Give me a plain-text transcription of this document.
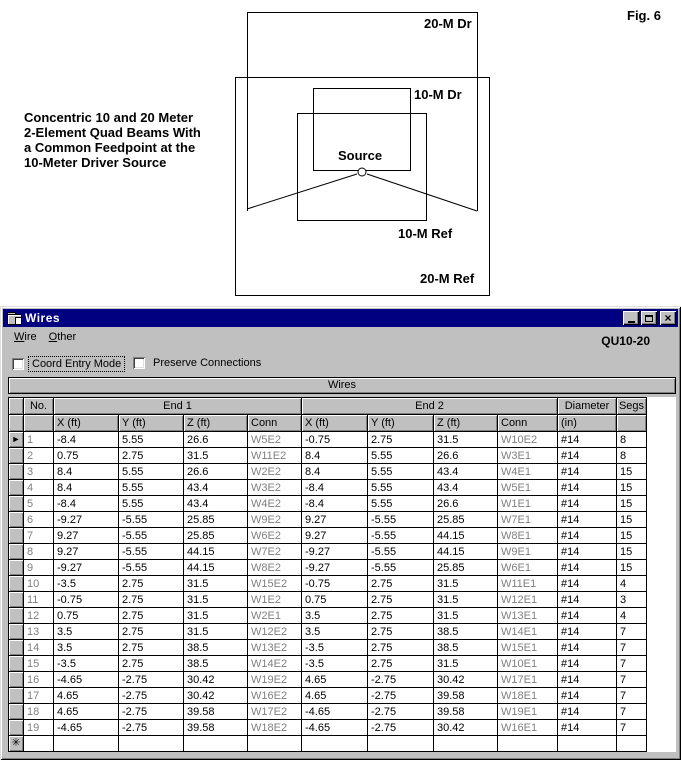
Fig. 6
Concentric 10 and 20 Meter
2-Element Quad Beams With
a Common Feedpoint at the
10-Meter Driver Source
20-M Dr
10-M Dr
Source
10-M Ref
20-M Ref
Wires	×
Wire	Other	QU10-20
Coord Entry Mode	Preserve Connections
Wires
	No.	End 1				End 2				Diameter	Segs
		X (ft)	Y (ft)	Z (ft)	Conn	X (ft)	Y (ft)	Z (ft)	Conn	(in)	
►	1	-8.4	5.55	26.6	W5E2	-0.75	2.75	31.5	W10E2	#14	8
	2	0.75	2.75	31.5	W11E2	8.4	5.55	26.6	W3E1	#14	8
	3	8.4	5.55	26.6	W2E2	8.4	5.55	43.4	W4E1	#14	15
	4	8.4	5.55	43.4	W3E2	-8.4	5.55	43.4	W5E1	#14	15
	5	-8.4	5.55	43.4	W4E2	-8.4	5.55	26.6	W1E1	#14	15
	6	-9.27	-5.55	25.85	W9E2	9.27	-5.55	25.85	W7E1	#14	15
	7	9.27	-5.55	25.85	W6E2	9.27	-5.55	44.15	W8E1	#14	15
	8	9.27	-5.55	44.15	W7E2	-9.27	-5.55	44.15	W9E1	#14	15
	9	-9.27	-5.55	44.15	W8E2	-9.27	-5.55	25.85	W6E1	#14	15
	10	-3.5	2.75	31.5	W15E2	-0.75	2.75	31.5	W11E1	#14	4
	11	-0.75	2.75	31.5	W1E2	0.75	2.75	31.5	W12E1	#14	3
	12	0.75	2.75	31.5	W2E1	3.5	2.75	31.5	W13E1	#14	4
	13	3.5	2.75	31.5	W12E2	3.5	2.75	38.5	W14E1	#14	7
	14	3.5	2.75	38.5	W13E2	-3.5	2.75	38.5	W15E1	#14	7
	15	-3.5	2.75	38.5	W14E2	-3.5	2.75	31.5	W10E1	#14	7
	16	-4.65	-2.75	30.42	W19E2	4.65	-2.75	30.42	W17E1	#14	7
	17	4.65	-2.75	30.42	W16E2	4.65	-2.75	39.58	W18E1	#14	7
	18	4.65	-2.75	39.58	W17E2	-4.65	-2.75	39.58	W19E1	#14	7
	19	-4.65	-2.75	39.58	W18E2	-4.65	-2.75	30.42	W16E1	#14	7
✳											
